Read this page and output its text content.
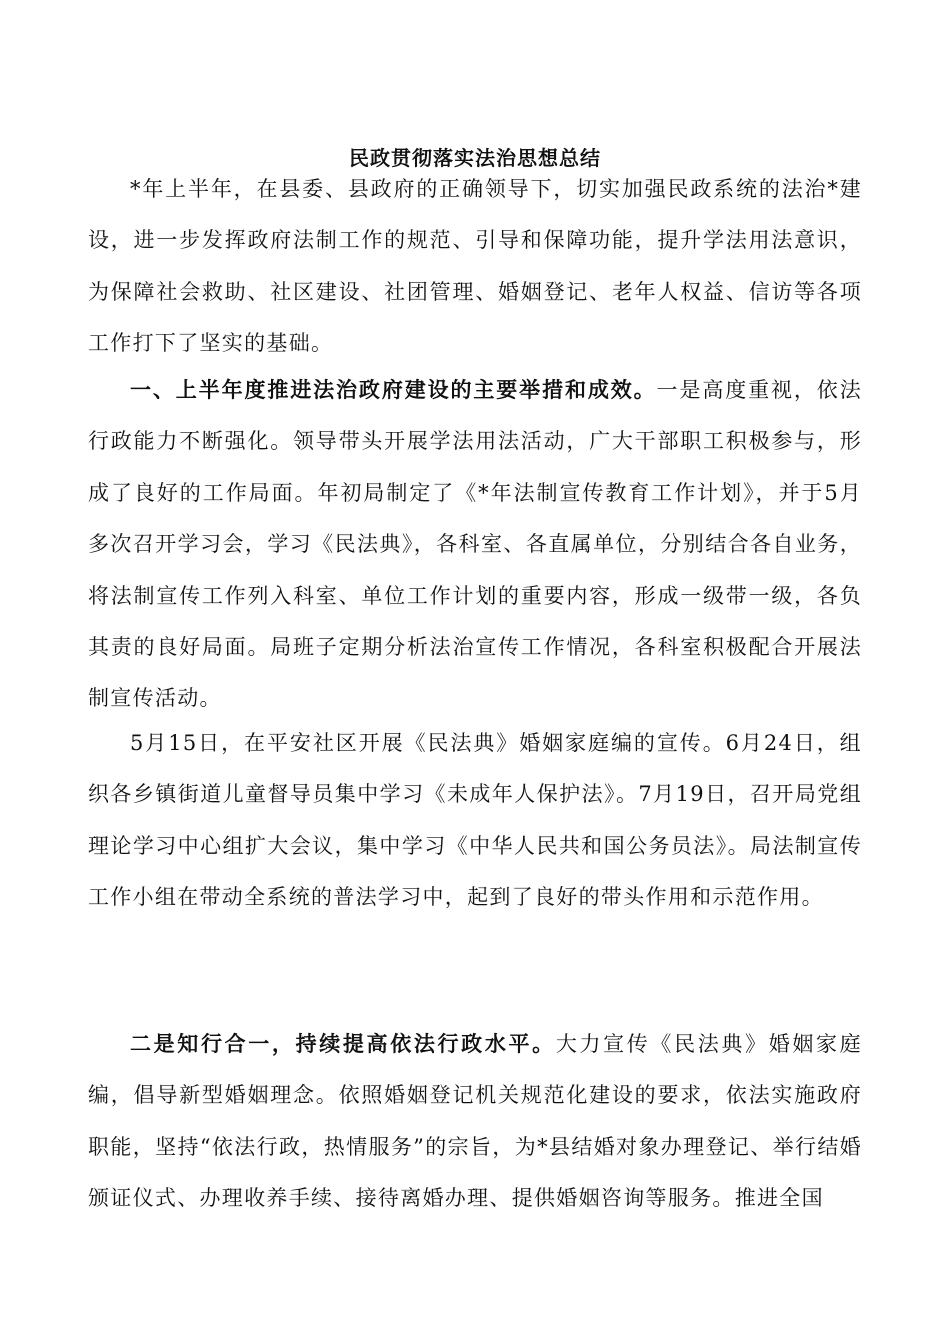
民政贯彻落实法治思想总结

*年上半年，在县委、县政府的正确领导下，切实加强民政系统的法治*建设，进一步发挥政府法制工作的规范、引导和保障功能，提升学法用法意识，为保障社会救助、社区建设、社团管理、婚姻登记、老年人权益、信访等各项工作打下了坚实的基础。

一、上半年度推进法治政府建设的主要举措和成效。一是高度重视，依法行政能力不断强化。领导带头开展学法用法活动，广大干部职工积极参与，形成了良好的工作局面。年初局制定了《*年法制宣传教育工作计划》，并于5月多次召开学习会，学习《民法典》，各科室、各直属单位，分别结合各自业务，将法制宣传工作列入科室、单位工作计划的重要内容，形成一级带一级，各负其责的良好局面。局班子定期分析法治宣传工作情况，各科室积极配合开展法制宣传活动。

5月15日，在平安社区开展《民法典》婚姻家庭编的宣传。6月24日，组织各乡镇街道儿童督导员集中学习《未成年人保护法》。7月19日，召开局党组理论学习中心组扩大会议，集中学习《中华人民共和国公务员法》。局法制宣传工作小组在带动全系统的普法学习中，起到了良好的带头作用和示范作用。

二是知行合一，持续提高依法行政水平。大力宣传《民法典》婚姻家庭编，倡导新型婚姻理念。依照婚姻登记机关规范化建设的要求，依法实施政府职能，坚持“依法行政，热情服务”的宗旨，为*县结婚对象办理登记、举行结婚颁证仪式、办理收养手续、接待离婚办理、提供婚姻咨询等服务。推进全国
